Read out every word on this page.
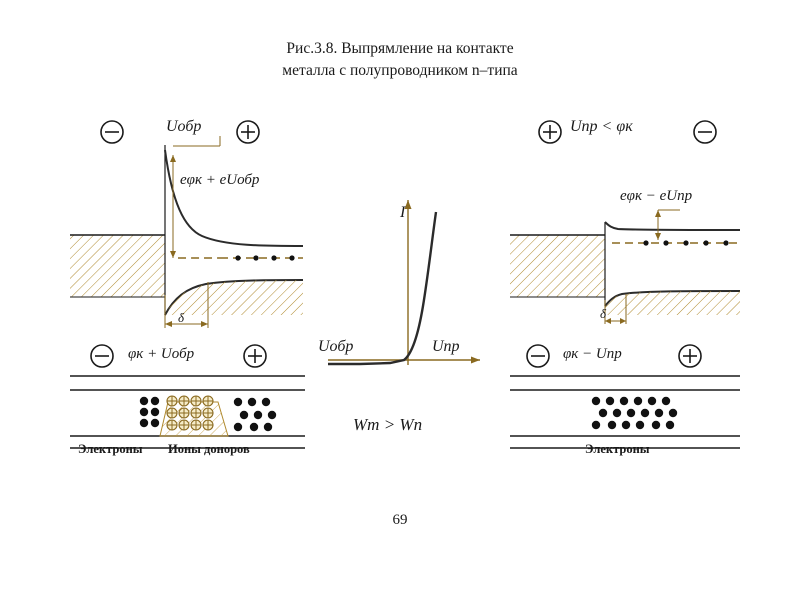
Рис.3.8. Выпрямление на контакте
металла с полупроводником n–типа
Uобр
eφк + eUобр
δ
φк + Uобр
Электроны Ионы доноров
I
Uобр	Uпр
Wm > Wn
Uпр < φк
eφк − eUпр
δ
φк − Uпр
Электроны
69
